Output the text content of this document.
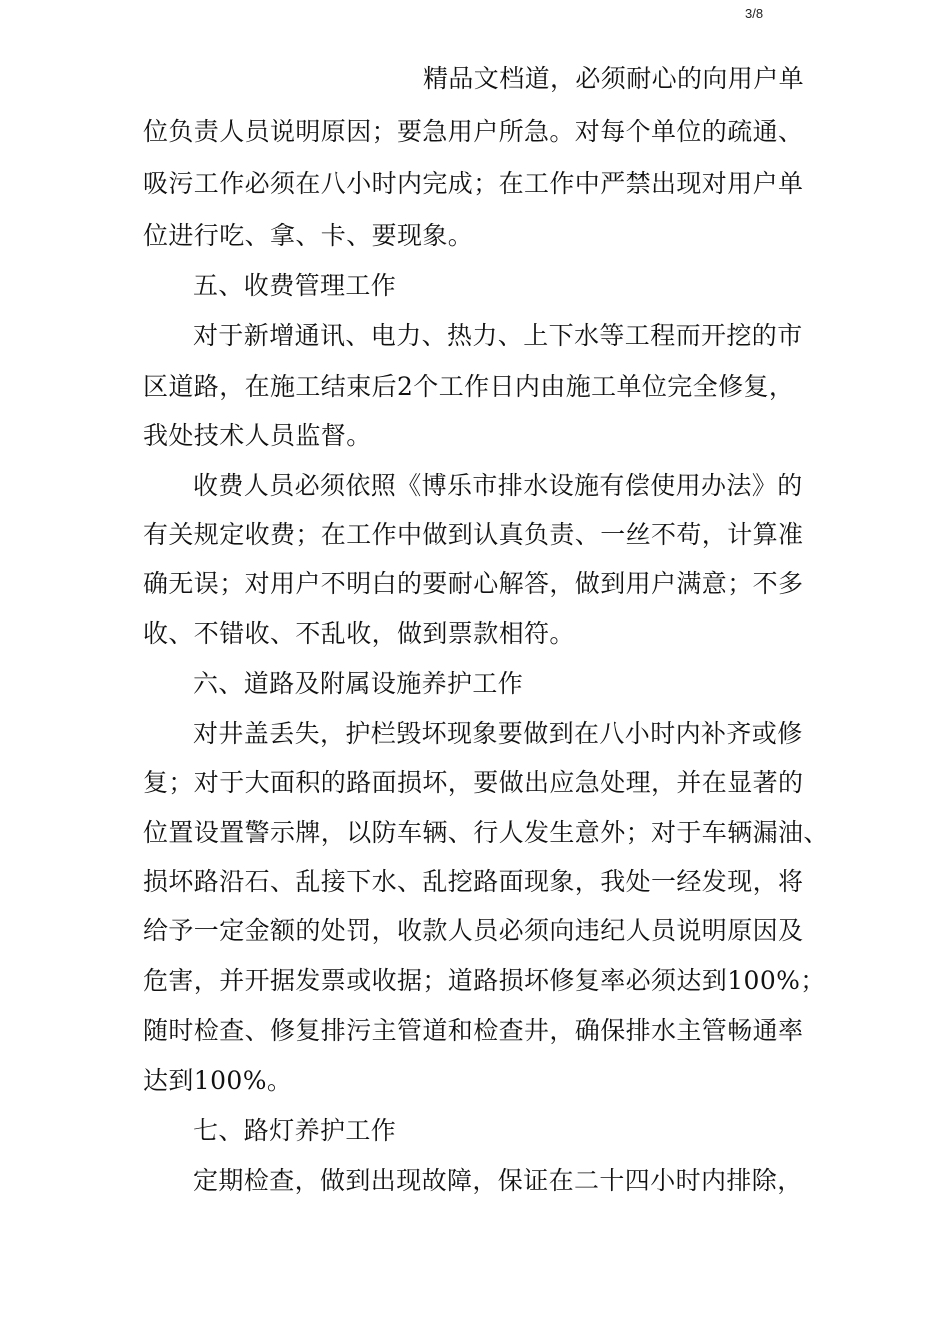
3/8
精品文档道，必须耐心的向用户单
位负责人员说明原因；要急用户所急。对每个单位的疏通、
吸污工作必须在八小时内完成；在工作中严禁出现对用户单
位进行吃、拿、卡、要现象。
五、收费管理工作
对于新增通讯、电力、热力、上下水等工程而开挖的市
区道路，在施工结束后2个工作日内由施工单位完全修复，
我处技术人员监督。
收费人员必须依照《博乐市排水设施有偿使用办法》的
有关规定收费；在工作中做到认真负责、一丝不苟，计算准
确无误；对用户不明白的要耐心解答，做到用户满意；不多
收、不错收、不乱收，做到票款相符。
六、道路及附属设施养护工作
对井盖丢失，护栏毁坏现象要做到在八小时内补齐或修
复；对于大面积的路面损坏，要做出应急处理，并在显著的
位置设置警示牌，以防车辆、行人发生意外；对于车辆漏油、
损坏路沿石、乱接下水、乱挖路面现象，我处一经发现，将
给予一定金额的处罚，收款人员必须向违纪人员说明原因及
危害，并开据发票或收据；道路损坏修复率必须达到100%；
随时检查、修复排污主管道和检查井，确保排水主管畅通率
达到100%。
七、路灯养护工作
定期检查，做到出现故障，保证在二十四小时内排除，
